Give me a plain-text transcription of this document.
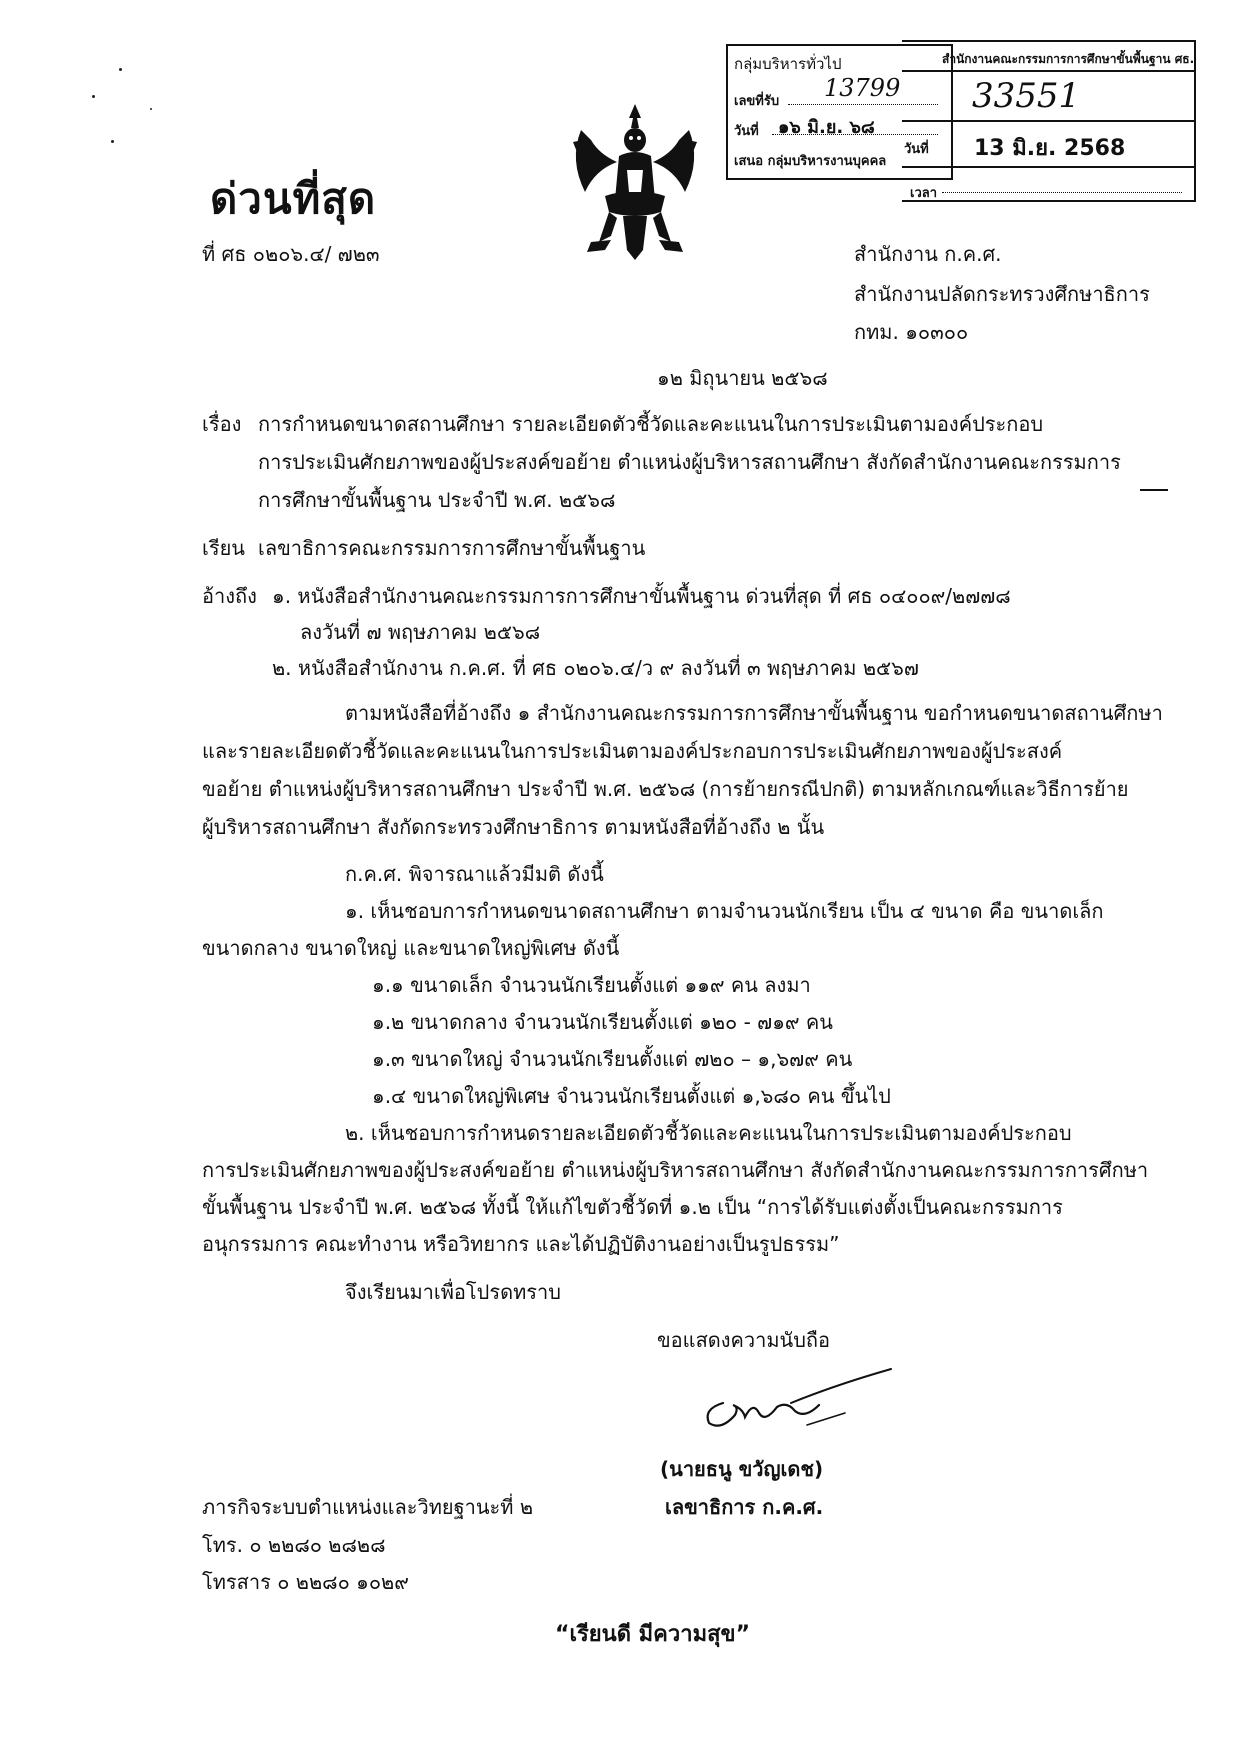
ด่วนที่สุด
ที่ ศธ ๐๒๐๖.๔/ ๗๒๓	สำนักงาน ก.ค.ศ.
สำนักงานปลัดกระทรวงศึกษาธิการ
กทม. ๑๐๓๐๐
๑๒ มิถุนายน ๒๕๖๘
เรื่อง การกำหนดขนาดสถานศึกษา รายละเอียดตัวชี้วัดและคะแนนในการประเมินตามองค์ประกอบ
การประเมินศักยภาพของผู้ประสงค์ขอย้าย ตำแหน่งผู้บริหารสถานศึกษา สังกัดสำนักงานคณะกรรมการ
การศึกษาขั้นพื้นฐาน ประจำปี พ.ศ. ๒๕๖๘
เรียน เลขาธิการคณะกรรมการการศึกษาขั้นพื้นฐาน
อ้างถึง ๑. หนังสือสำนักงานคณะกรรมการการศึกษาขั้นพื้นฐาน ด่วนที่สุด ที่ ศธ ๐๔๐๐๙/๒๗๗๘
ลงวันที่ ๗ พฤษภาคม ๒๕๖๘
๒. หนังสือสำนักงาน ก.ค.ศ. ที่ ศธ ๐๒๐๖.๔/ว ๙ ลงวันที่ ๓ พฤษภาคม ๒๕๖๗
ตามหนังสือที่อ้างถึง ๑ สำนักงานคณะกรรมการการศึกษาขั้นพื้นฐาน ขอกำหนดขนาดสถานศึกษา
และรายละเอียดตัวชี้วัดและคะแนนในการประเมินตามองค์ประกอบการประเมินศักยภาพของผู้ประสงค์
ขอย้าย ตำแหน่งผู้บริหารสถานศึกษา ประจำปี พ.ศ. ๒๕๖๘ (การย้ายกรณีปกติ) ตามหลักเกณฑ์และวิธีการย้าย
ผู้บริหารสถานศึกษา สังกัดกระทรวงศึกษาธิการ ตามหนังสือที่อ้างถึง ๒ นั้น
ก.ค.ศ. พิจารณาแล้วมีมติ ดังนี้
๑. เห็นชอบการกำหนดขนาดสถานศึกษา ตามจำนวนนักเรียน เป็น ๔ ขนาด คือ ขนาดเล็ก
ขนาดกลาง ขนาดใหญ่ และขนาดใหญ่พิเศษ ดังนี้
๑.๑ ขนาดเล็ก จำนวนนักเรียนตั้งแต่ ๑๑๙ คน ลงมา
๑.๒ ขนาดกลาง จำนวนนักเรียนตั้งแต่ ๑๒๐ - ๗๑๙ คน
๑.๓ ขนาดใหญ่ จำนวนนักเรียนตั้งแต่ ๗๒๐ – ๑,๖๗๙ คน
๑.๔ ขนาดใหญ่พิเศษ จำนวนนักเรียนตั้งแต่ ๑,๖๘๐ คน ขึ้นไป
๒. เห็นชอบการกำหนดรายละเอียดตัวชี้วัดและคะแนนในการประเมินตามองค์ประกอบ
การประเมินศักยภาพของผู้ประสงค์ขอย้าย ตำแหน่งผู้บริหารสถานศึกษา สังกัดสำนักงานคณะกรรมการการศึกษา
ขั้นพื้นฐาน ประจำปี พ.ศ. ๒๕๖๘ ทั้งนี้ ให้แก้ไขตัวชี้วัดที่ ๑.๒ เป็น “การได้รับแต่งตั้งเป็นคณะกรรมการ
อนุกรรมการ คณะทำงาน หรือวิทยากร และได้ปฏิบัติงานอย่างเป็นรูปธรรม”
จึงเรียนมาเพื่อโปรดทราบ
ขอแสดงความนับถือ
(นายธนู ขวัญเดช)
เลขาธิการ ก.ค.ศ.
ภารกิจระบบตำแหน่งและวิทยฐานะที่ ๒
โทร. ๐ ๒๒๘๐ ๒๘๒๘
โทรสาร ๐ ๒๒๘๐ ๑๐๒๙
“เรียนดี มีความสุข”
กลุ่มบริหารทั่วไป
เลขที่รับ 13799
วันที่ ๑๖ มิ.ย. ๖๘
เสนอ กลุ่มบริหารงานบุคคล
สำนักงานคณะกรรมการการศึกษาขั้นพื้นฐาน ศธ.
33551
วันที่ 13 มิ.ย. 2568
เวลา
